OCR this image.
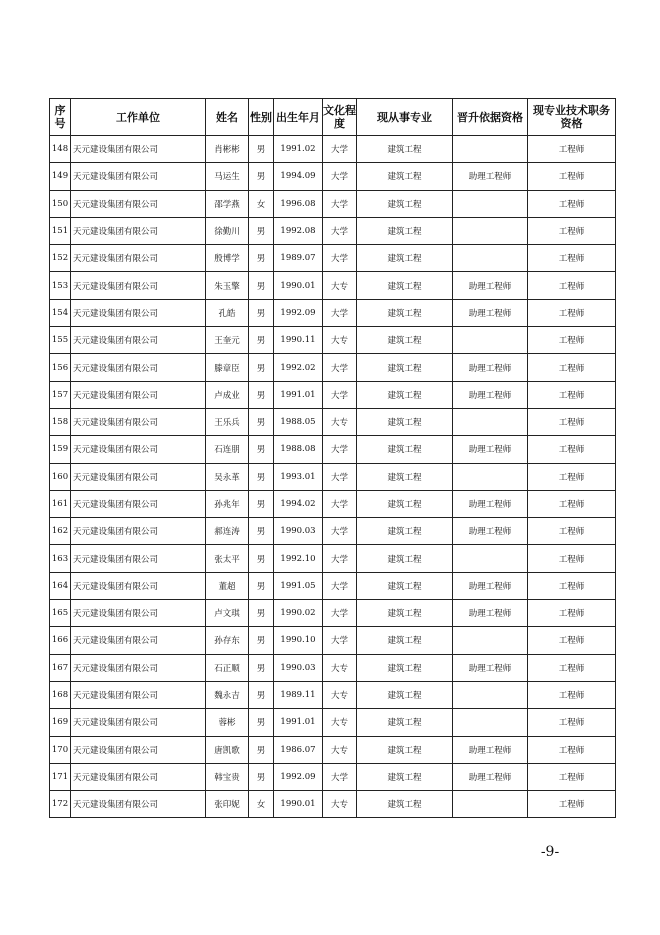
序号	工作单位	姓名	性别	出生年月	文化程度	现从事专业	晋升依据资格	现专业技术职务资格
148	天元建设集团有限公司	肖彬彬	男	1991.02	大学	建筑工程		工程师
149	天元建设集团有限公司	马运生	男	1994.09	大学	建筑工程	助理工程师	工程师
150	天元建设集团有限公司	邵学燕	女	1996.08	大学	建筑工程		工程师
151	天元建设集团有限公司	徐勤川	男	1992.08	大学	建筑工程		工程师
152	天元建设集团有限公司	殷博学	男	1989.07	大学	建筑工程		工程师
153	天元建设集团有限公司	朱玉擎	男	1990.01	大专	建筑工程	助理工程师	工程师
154	天元建设集团有限公司	孔皓	男	1992.09	大学	建筑工程	助理工程师	工程师
155	天元建设集团有限公司	王奎元	男	1990.11	大专	建筑工程		工程师
156	天元建设集团有限公司	滕章臣	男	1992.02	大学	建筑工程	助理工程师	工程师
157	天元建设集团有限公司	卢成业	男	1991.01	大学	建筑工程	助理工程师	工程师
158	天元建设集团有限公司	王乐兵	男	1988.05	大专	建筑工程		工程师
159	天元建设集团有限公司	石连朋	男	1988.08	大学	建筑工程	助理工程师	工程师
160	天元建设集团有限公司	吴永革	男	1993.01	大学	建筑工程		工程师
161	天元建设集团有限公司	孙兆年	男	1994.02	大学	建筑工程	助理工程师	工程师
162	天元建设集团有限公司	郝连涛	男	1990.03	大学	建筑工程	助理工程师	工程师
163	天元建设集团有限公司	张太平	男	1992.10	大学	建筑工程		工程师
164	天元建设集团有限公司	董超	男	1991.05	大学	建筑工程	助理工程师	工程师
165	天元建设集团有限公司	卢文琪	男	1990.02	大学	建筑工程	助理工程师	工程师
166	天元建设集团有限公司	孙存东	男	1990.10	大学	建筑工程		工程师
167	天元建设集团有限公司	石正顺	男	1990.03	大专	建筑工程	助理工程师	工程师
168	天元建设集团有限公司	魏永吉	男	1989.11	大专	建筑工程		工程师
169	天元建设集团有限公司	蓉彬	男	1991.01	大专	建筑工程		工程师
170	天元建设集团有限公司	唐凯歌	男	1986.07	大专	建筑工程	助理工程师	工程师
171	天元建设集团有限公司	韩宝贵	男	1992.09	大学	建筑工程	助理工程师	工程师
172	天元建设集团有限公司	张印妮	女	1990.01	大专	建筑工程		工程师
-9-
